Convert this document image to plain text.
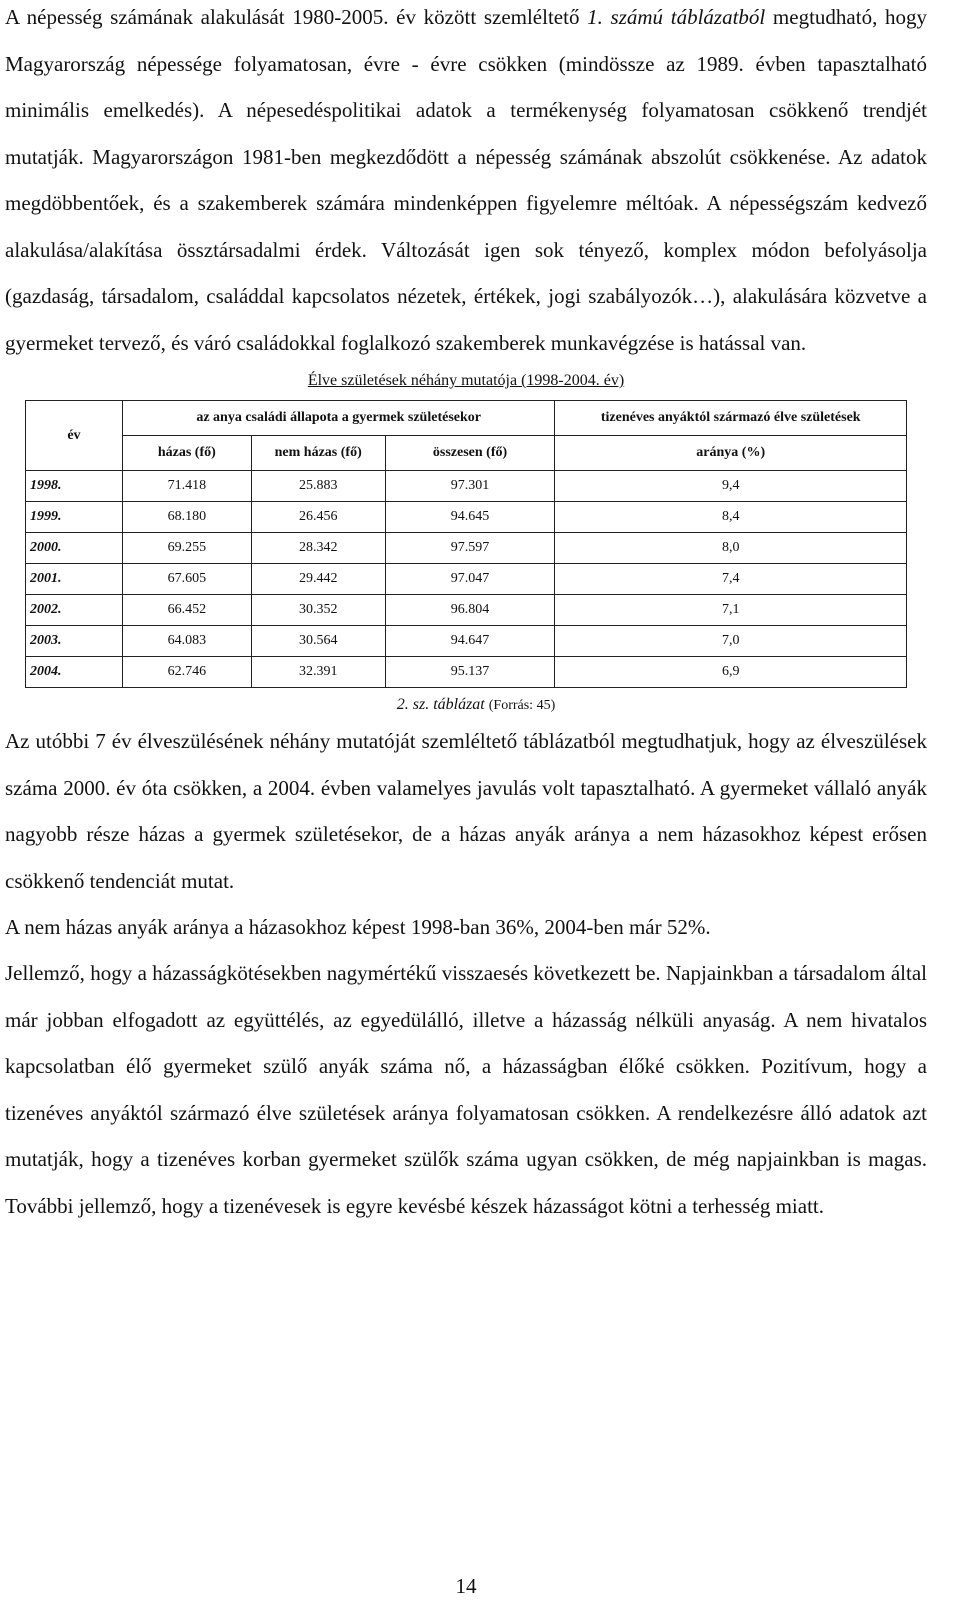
A népesség számának alakulását 1980-2005. év között szemléltető 1. számú táblázatból megtudható, hogy Magyarország népessége folyamatosan, évre - évre csökken (mindössze az 1989. évben tapasztalható minimális emelkedés). A népesedéspolitikai adatok a termékenység folyamatosan csökkenő trendjét mutatják. Magyarországon 1981-ben megkezdődött a népesség számának abszolút csökkenése. Az adatok megdöbbentőek, és a szakemberek számára mindenképpen figyelemre méltóak. A népességszám kedvező alakulása/alakítása össztársadalmi érdek. Változását igen sok tényező, komplex módon befolyásolja (gazdaság, társadalom, családdal kapcsolatos nézetek, értékek, jogi szabályozók…), alakulására közvetve a gyermeket tervező, és váró családokkal foglalkozó szakemberek munkavégzése is hatással van.

Élve születések néhány mutatója (1998-2004. év)
év	az anya családi állapota a gyermek születésekor			tizenéves anyáktól származó élve születések
	házas (fő)	nem házas (fő)	összesen (fő)	aránya (%)
1998.	71.418	25.883	97.301	9,4
1999.	68.180	26.456	94.645	8,4
2000.	69.255	28.342	97.597	8,0
2001.	67.605	29.442	97.047	7,4
2002.	66.452	30.352	96.804	7,1
2003.	64.083	30.564	94.647	7,0
2004.	62.746	32.391	95.137	6,9
2. sz. táblázat (Forrás: 45)

Az utóbbi 7 év élveszülésének néhány mutatóját szemléltető táblázatból megtudhatjuk, hogy az élveszülések száma 2000. év óta csökken, a 2004. évben valamelyes javulás volt tapasztalható. A gyermeket vállaló anyák nagyobb része házas a gyermek születésekor, de a házas anyák aránya a nem házasokhoz képest erősen csökkenő tendenciát mutat.

A nem házas anyák aránya a házasokhoz képest 1998-ban 36%, 2004-ben már 52%.

Jellemző, hogy a házasságkötésekben nagymértékű visszaesés következett be. Napjainkban a társadalom által már jobban elfogadott az együttélés, az egyedülálló, illetve a házasság nélküli anyaság. A nem hivatalos kapcsolatban élő gyermeket szülő anyák száma nő, a házasságban élőké csökken. Pozitívum, hogy a tizenéves anyáktól származó élve születések aránya folyamatosan csökken. A rendelkezésre álló adatok azt mutatják, hogy a tizenéves korban gyermeket szülők száma ugyan csökken, de még napjainkban is magas. További jellemző, hogy a tizenévesek is egyre kevésbé készek házasságot kötni a terhesség miatt.

14
